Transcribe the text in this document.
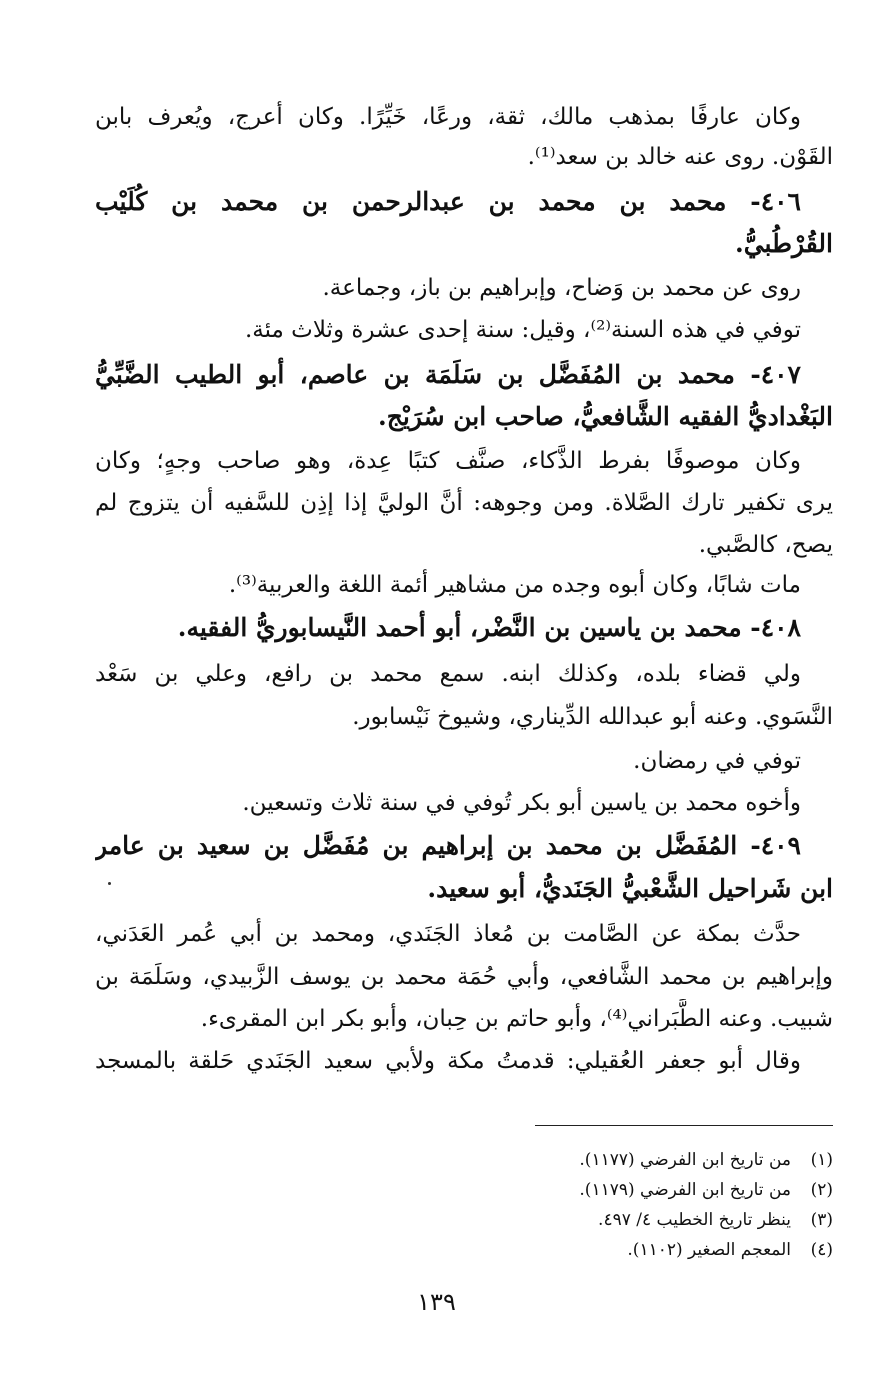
وكان عارفًا بمذهب مالك، ثقة، ورعًا، خَيِّرًا. وكان أعرج، ويُعرف بابن
القَوْن. روى عنه خالد بن سعد⁽¹⁾.
٤٠٦- محمد بن محمد بن عبدالرحمن بن محمد بن كُلَيْب
القُرْطُبيُّ.
روى عن محمد بن وَضاح، وإبراهيم بن باز، وجماعة.
توفي في هذه السنة⁽²⁾، وقيل: سنة إحدى عشرة وثلاث مئة.
٤٠٧- محمد بن المُفَضَّل بن سَلَمَة بن عاصم، أبو الطيب الضَّبِّيُّ
البَغْداديُّ الفقيه الشَّافعيُّ، صاحب ابن سُرَيْج.
وكان موصوفًا بفرط الذَّكاء، صنَّف كتبًا عِدة، وهو صاحب وجهٍ؛ وكان
يرى تكفير تارك الصَّلاة. ومن وجوهه: أنَّ الوليَّ إذا إذِن للسَّفيه أن يتزوج لم
يصح، كالصَّبي.
مات شابًا، وكان أبوه وجده من مشاهير أئمة اللغة والعربية⁽³⁾.
٤٠٨- محمد بن ياسين بن النَّضْر، أبو أحمد النَّيسابوريُّ الفقيه.
ولي قضاء بلده، وكذلك ابنه. سمع محمد بن رافع، وعلي بن سَعْد
النَّسَوي. وعنه أبو عبدالله الدِّيناري، وشيوخ نَيْسابور.
توفي في رمضان.
وأخوه محمد بن ياسين أبو بكر تُوفي في سنة ثلاث وتسعين.
٤٠٩- المُفَضَّل بن محمد بن إبراهيم بن مُفَضَّل بن سعيد بن عامر
ابن شَراحيل الشَّعْبيُّ الجَنَديُّ، أبو سعيد.
حدَّث بمكة عن الصَّامت بن مُعاذ الجَنَدي، ومحمد بن أبي عُمر العَدَني،
وإبراهيم بن محمد الشَّافعي، وأبي حُمَة محمد بن يوسف الزَّبيدي، وسَلَمَة بن
شبيب. وعنه الطَّبَراني⁽⁴⁾، وأبو حاتم بن حِبان، وأبو بكر ابن المقرىء.
وقال أبو جعفر العُقيلي: قدمتُ مكة ولأبي سعيد الجَنَدي حَلقة بالمسجد
(١)من تاريخ ابن الفرضي (١١٧٧).
(٢)من تاريخ ابن الفرضي (١١٧٩).
(٣)ينظر تاريخ الخطيب ٤/ ٤٩٧.
(٤)المعجم الصغير (١١٠٢).
١٣٩
